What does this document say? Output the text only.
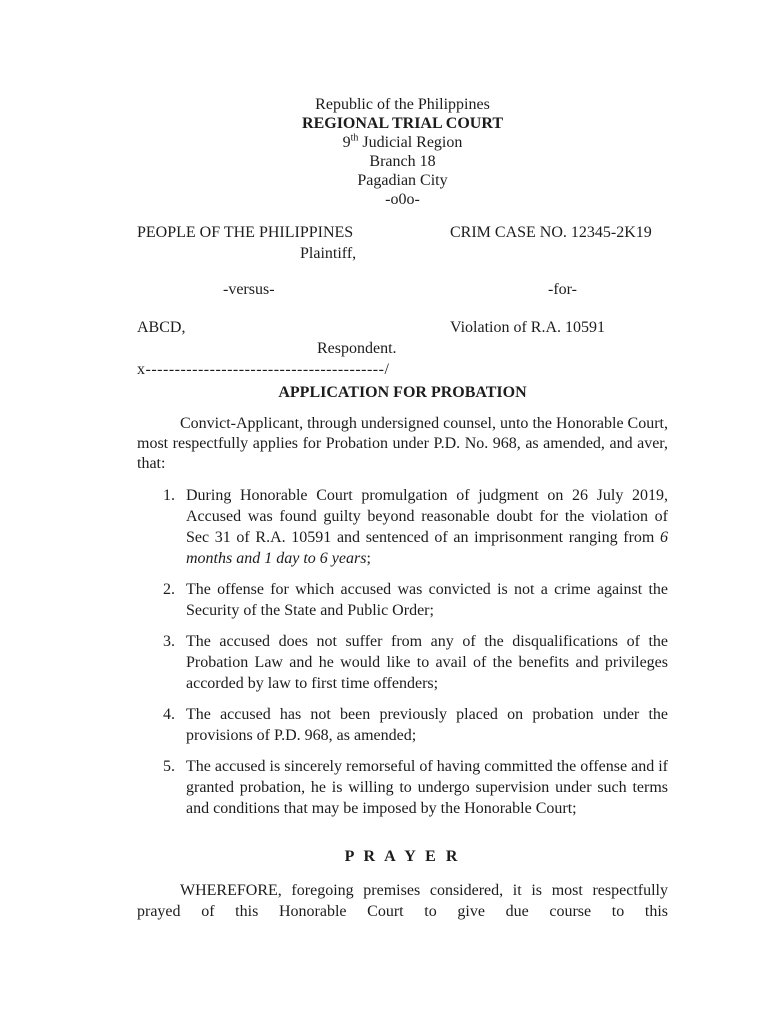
Republic of the Philippines
REGIONAL TRIAL COURT
9th Judicial Region
Branch 18
Pagadian City
-o0o-
PEOPLE OF THE PHILIPPINES	CRIM CASE NO. 12345-2K19
Plaintiff,
-versus-	-for-
ABCD,	Violation of R.A. 10591
Respondent.
x-----------------------------------------/
APPLICATION FOR PROBATION

Convict-Applicant, through undersigned counsel, unto the Honorable Court, most respectfully applies for Probation under P.D. No. 968, as amended, and aver, that:

1. During Honorable Court promulgation of judgment on 26 July 2019, Accused was found guilty beyond reasonable doubt for the violation of Sec 31 of R.A. 10591 and sentenced of an imprisonment ranging from 6 months and 1 day to 6 years;
2. The offense for which accused was convicted is not a crime against the Security of the State and Public Order;
3. The accused does not suffer from any of the disqualifications of the Probation Law and he would like to avail of the benefits and privileges accorded by law to first time offenders;
4. The accused has not been previously placed on probation under the provisions of P.D. 968, as amended;
5. The accused is sincerely remorseful of having committed the offense and if granted probation, he is willing to undergo supervision under such terms and conditions that may be imposed by the Honorable Court;
P R A Y E R

WHEREFORE, foregoing premises considered, it is most respectfully prayed of this Honorable Court to give due course to this
